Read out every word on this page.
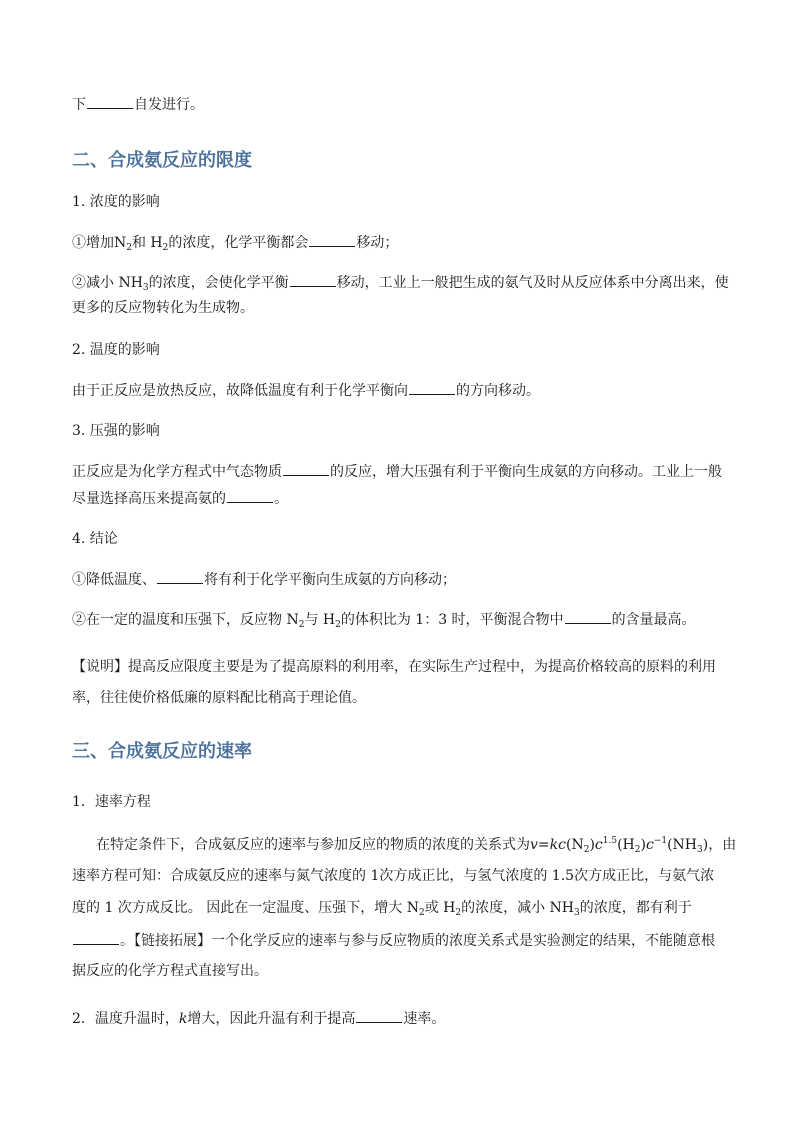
下	自发进行。
二、合成氨反应的限度
1. 浓度的影响
①增加$N_2$和 $H_2$的浓度，化学平衡都会	移动；
②减小 $NH_3$的浓度，会使化学平衡	移动，工业上一般把生成的氨气及时从反应体系中分离出来，使
更多的反应物转化为生成物。
2. 温度的影响
由于正反应是放热反应，故降低温度有利于化学平衡向	的方向移动。
3. 压强的影响
正反应是为化学方程式中气态物质	的反应，增大压强有利于平衡向生成氨的方向移动。工业上一般
尽量选择高压来提高氨的	。
4. 结论
①降低温度、	将有利于化学平衡向生成氨的方向移动；
②在一定的温度和压强下，反应物 $N_2$与 $H_2$的体积比为 1：3 时，平衡混合物中	的含量最高。
【说明】提高反应限度主要是为了提高原料的利用率，在实际生产过程中，为提高价格较高的原料的利用
率，往往使价格低廉的原料配比稍高于理论值。
三、合成氨反应的速率
1．速率方程
在特定条件下，合成氨反应的速率与参加反应的物质的浓度的关系式为$v=kc(N_2)c^{1.5}(H_2)c^{-1}(NH_3)$，由
速率方程可知：合成氨反应的速率与氮气浓度的 1次方成正比，与氢气浓度的 1.5次方成正比，与氨气浓
度的 1 次方成反比。 因此在一定温度、压强下，增大 $N_2$或 $H_2$的浓度，减小 $NH_3$的浓度，都有利于
。【链接拓展】一个化学反应的速率与参与反应物质的浓度关系式是实验测定的结果，不能随意根
据反应的化学方程式直接写出。
2．温度升温时，k增大，因此升温有利于提高	速率。
